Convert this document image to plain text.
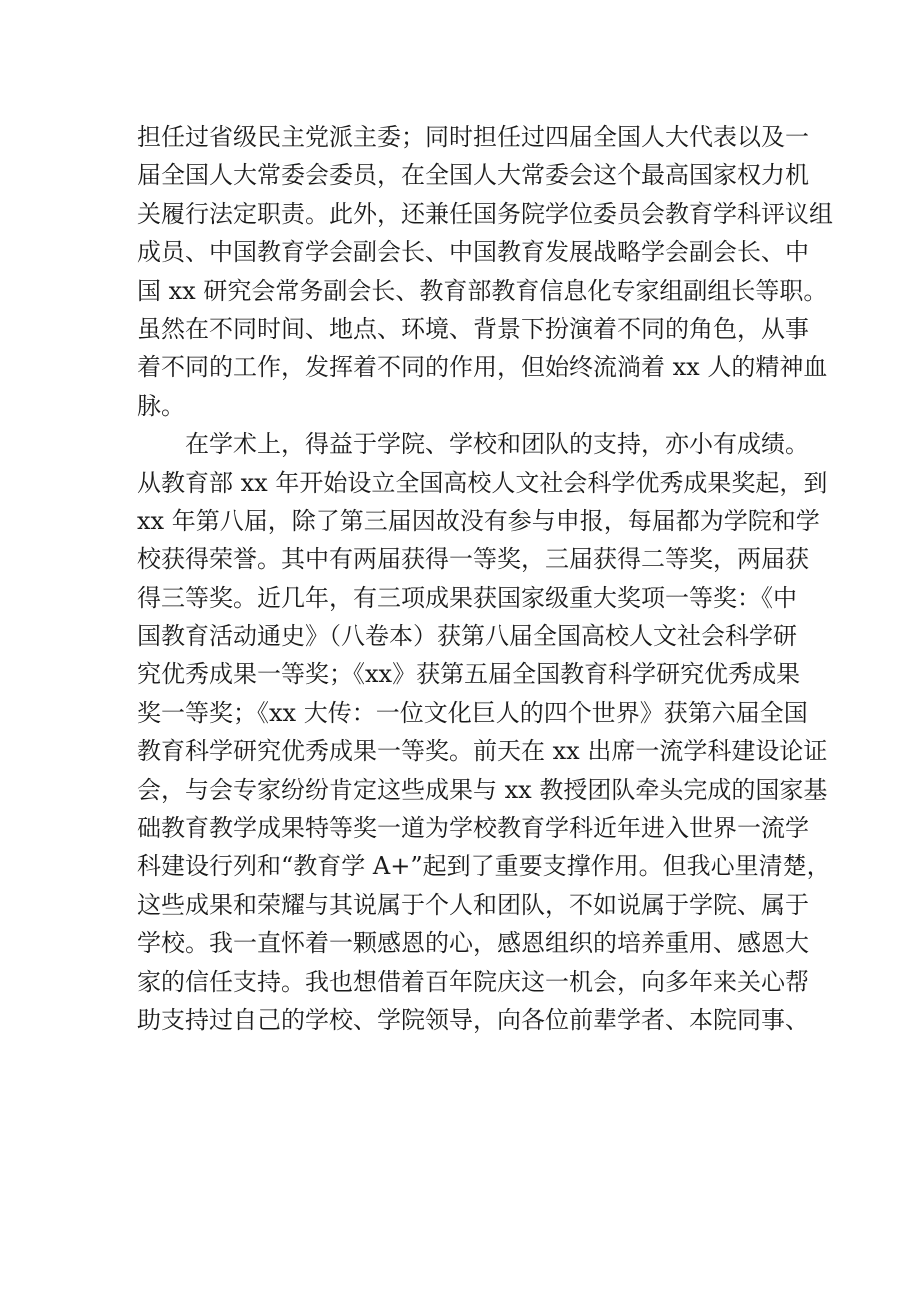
担任过省级民主党派主委；同时担任过四届全国人大代表以及一
届全国人大常委会委员，在全国人大常委会这个最高国家权力机
关履行法定职责。此外，还兼任国务院学位委员会教育学科评议组
成员、中国教育学会副会长、中国教育发展战略学会副会长、中
国 xx 研究会常务副会长、教育部教育信息化专家组副组长等职。
虽然在不同时间、地点、环境、背景下扮演着不同的角色，从事
着不同的工作，发挥着不同的作用，但始终流淌着 xx 人的精神血
脉。
在学术上，得益于学院、学校和团队的支持，亦小有成绩。
从教育部 xx 年开始设立全国高校人文社会科学优秀成果奖起，到
xx 年第八届，除了第三届因故没有参与申报，每届都为学院和学
校获得荣誉。其中有两届获得一等奖，三届获得二等奖，两届获
得三等奖。近几年，有三项成果获国家级重大奖项一等奖：《中
国教育活动通史》（八卷本）获第八届全国高校人文社会科学研
究优秀成果一等奖；《xx》获第五届全国教育科学研究优秀成果
奖一等奖；《xx 大传：一位文化巨人的四个世界》获第六届全国
教育科学研究优秀成果一等奖。前天在 xx 出席一流学科建设论证
会，与会专家纷纷肯定这些成果与 xx 教授团队牵头完成的国家基
础教育教学成果特等奖一道为学校教育学科近年进入世界一流学
科建设行列和“教育学 A+”起到了重要支撑作用。但我心里清楚，
这些成果和荣耀与其说属于个人和团队，不如说属于学院、属于
学校。我一直怀着一颗感恩的心，感恩组织的培养重用、感恩大
家的信任支持。我也想借着百年院庆这一机会，向多年来关心帮
助支持过自己的学校、学院领导，向各位前辈学者、本院同事、
